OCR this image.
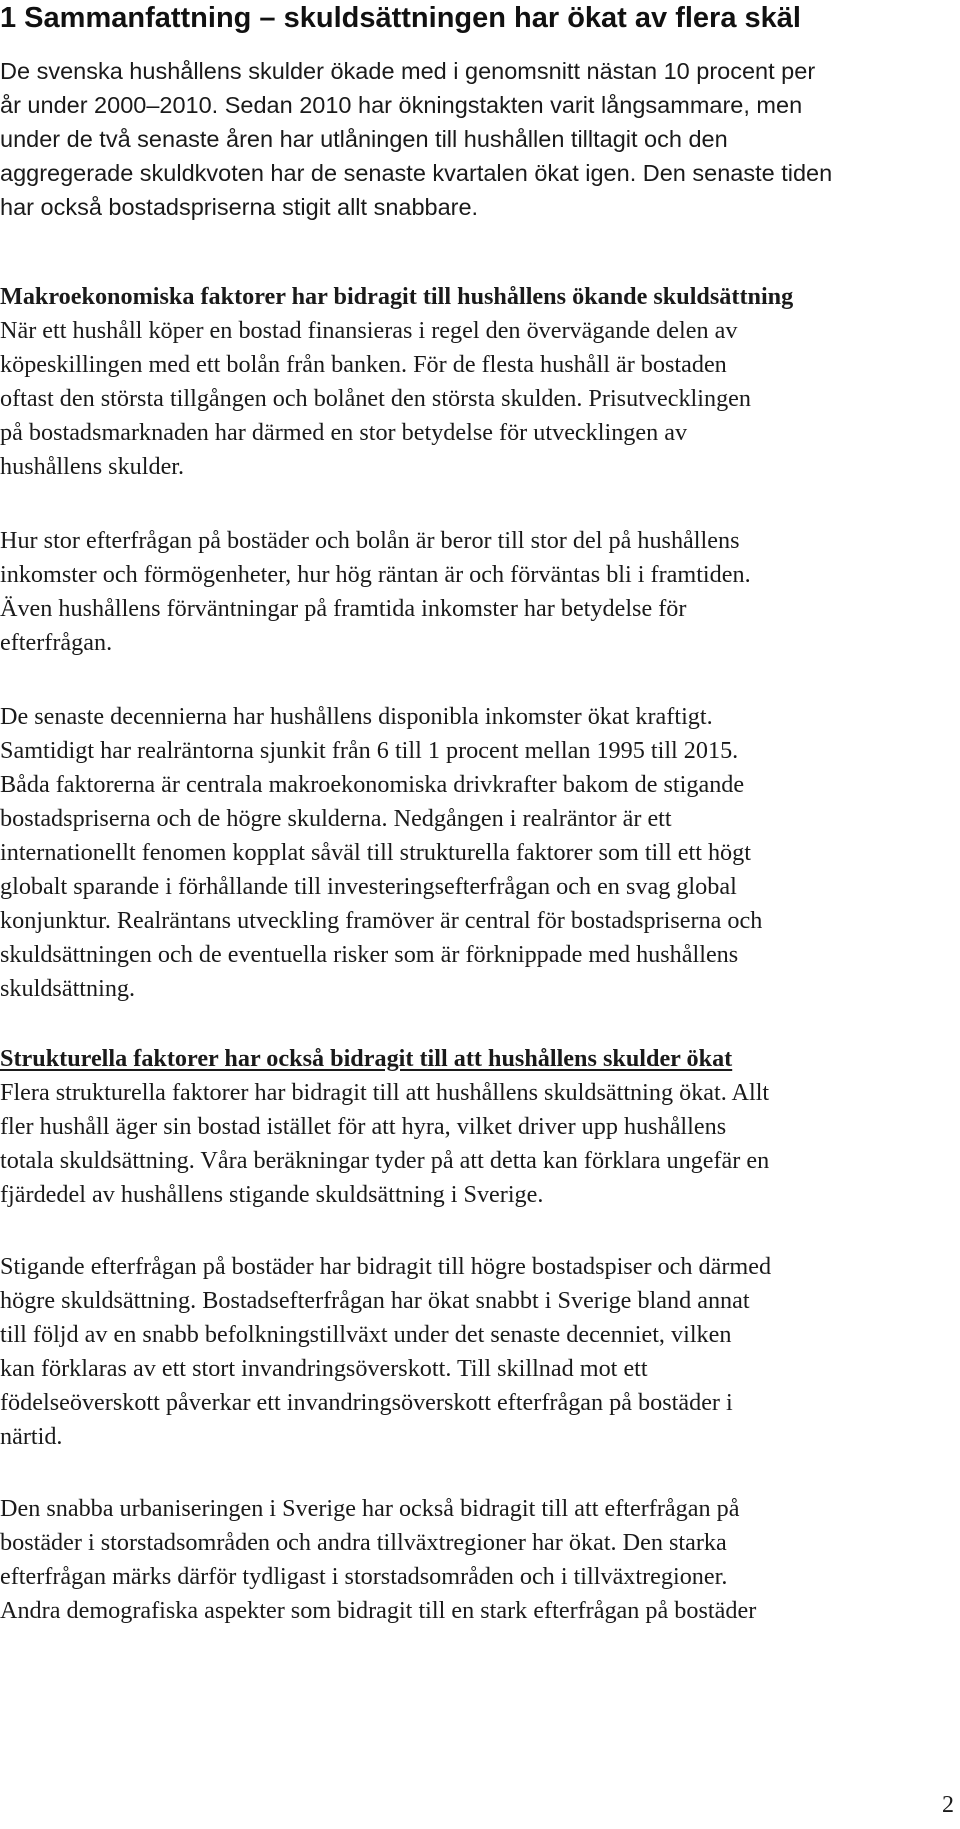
1 Sammanfattning – skuldsättningen har ökat av flera skäl
De svenska hushållens skulder ökade med i genomsnitt nästan 10 procent per
år under 2000–2010. Sedan 2010 har ökningstakten varit långsammare, men
under de två senaste åren har utlåningen till hushållen tilltagit och den
aggregerade skuldkvoten har de senaste kvartalen ökat igen. Den senaste tiden
har också bostadspriserna stigit allt snabbare.
Makroekonomiska faktorer har bidragit till hushållens ökande skuldsättning
När ett hushåll köper en bostad finansieras i regel den övervägande delen av
köpeskillingen med ett bolån från banken. För de flesta hushåll är bostaden
oftast den största tillgången och bolånet den största skulden. Prisutvecklingen
på bostadsmarknaden har därmed en stor betydelse för utvecklingen av
hushållens skulder.
Hur stor efterfrågan på bostäder och bolån är beror till stor del på hushållens
inkomster och förmögenheter, hur hög räntan är och förväntas bli i framtiden.
Även hushållens förväntningar på framtida inkomster har betydelse för
efterfrågan.
De senaste decennierna har hushållens disponibla inkomster ökat kraftigt.
Samtidigt har realräntorna sjunkit från 6 till 1 procent mellan 1995 till 2015.
Båda faktorerna är centrala makroekonomiska drivkrafter bakom de stigande
bostadspriserna och de högre skulderna. Nedgången i realräntor är ett
internationellt fenomen kopplat såväl till strukturella faktorer som till ett högt
globalt sparande i förhållande till investeringsefterfrågan och en svag global
konjunktur. Realräntans utveckling framöver är central för bostadspriserna och
skuldsättningen och de eventuella risker som är förknippade med hushållens
skuldsättning.
Strukturella faktorer har också bidragit till att hushållens skulder ökat
Flera strukturella faktorer har bidragit till att hushållens skuldsättning ökat. Allt
fler hushåll äger sin bostad istället för att hyra, vilket driver upp hushållens
totala skuldsättning. Våra beräkningar tyder på att detta kan förklara ungefär en
fjärdedel av hushållens stigande skuldsättning i Sverige.
Stigande efterfrågan på bostäder har bidragit till högre bostadspiser och därmed
högre skuldsättning. Bostadsefterfrågan har ökat snabbt i Sverige bland annat
till följd av en snabb befolkningstillväxt under det senaste decenniet, vilken
kan förklaras av ett stort invandringsöverskott. Till skillnad mot ett
födelseöverskott påverkar ett invandringsöverskott efterfrågan på bostäder i
närtid.
Den snabba urbaniseringen i Sverige har också bidragit till att efterfrågan på
bostäder i storstadsområden och andra tillväxtregioner har ökat. Den starka
efterfrågan märks därför tydligast i storstadsområden och i tillväxtregioner.
Andra demografiska aspekter som bidragit till en stark efterfrågan på bostäder
2
